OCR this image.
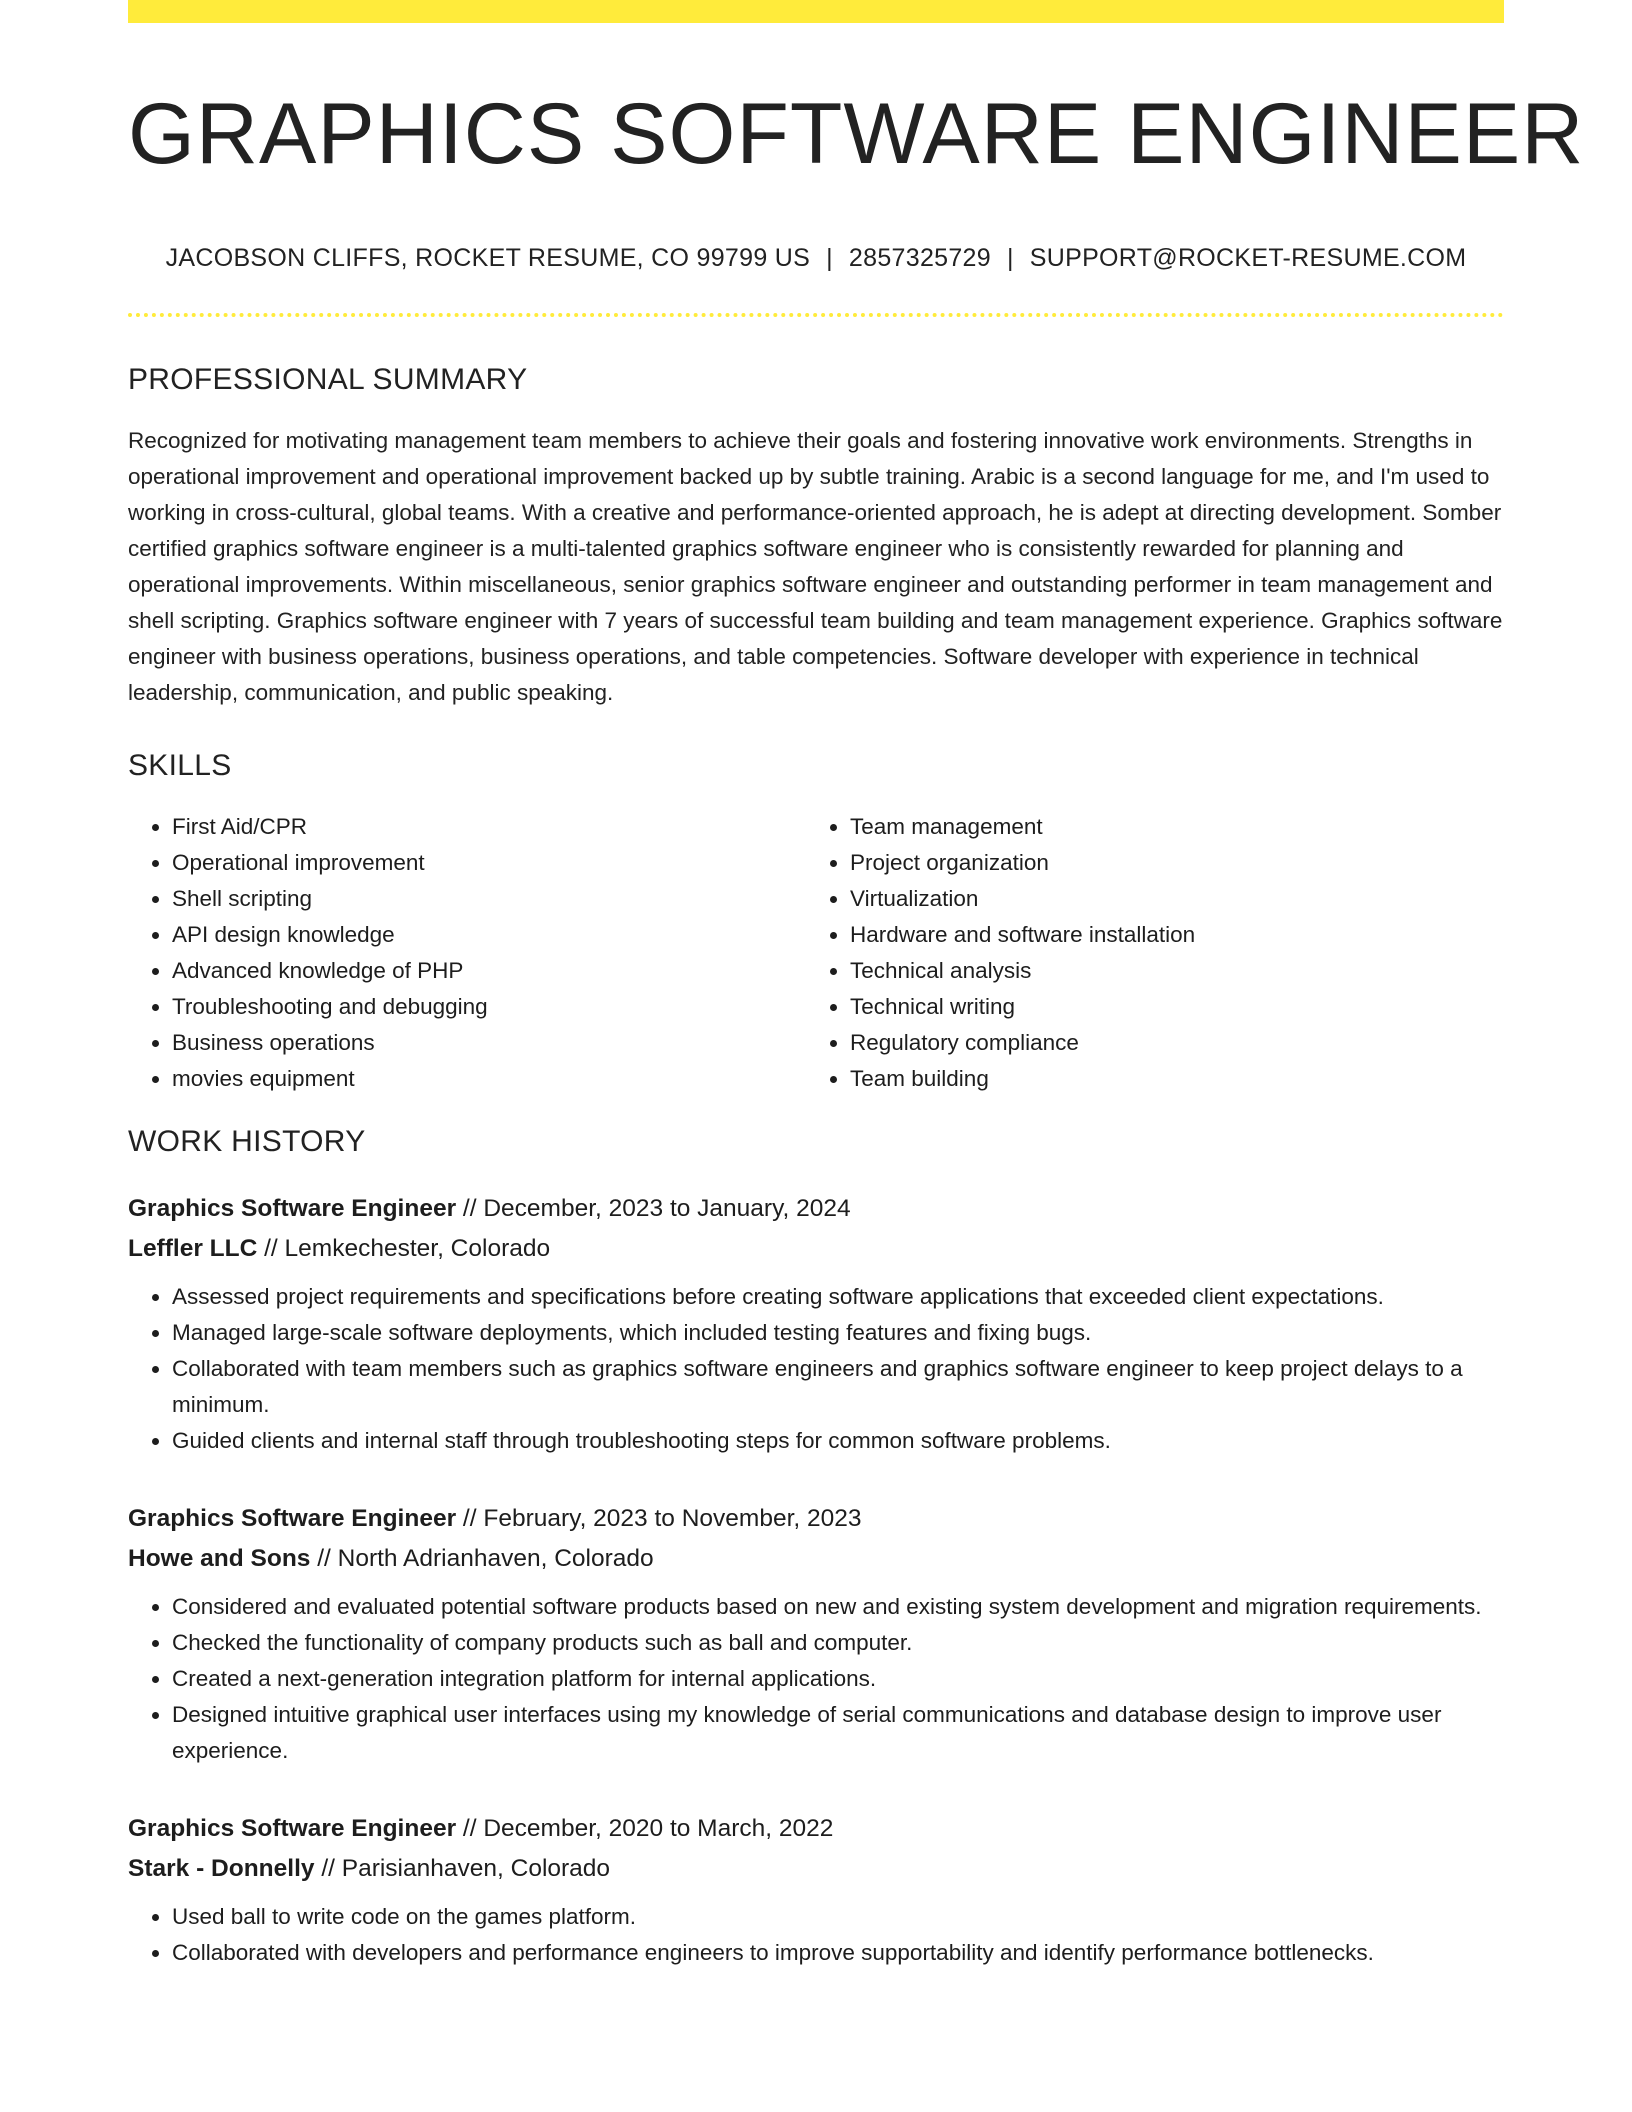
GRAPHICS SOFTWARE ENGINEER
JACOBSON CLIFFS, ROCKET RESUME, CO 99799 US | 2857325729 | SUPPORT@ROCKET-RESUME.COM
PROFESSIONAL SUMMARY

Recognized for motivating management team members to achieve their goals and fostering innovative work environments. Strengths in operational improvement and operational improvement backed up by subtle training. Arabic is a second language for me, and I'm used to working in cross-cultural, global teams. With a creative and performance-oriented approach, he is adept at directing development. Somber certified graphics software engineer is a multi-talented graphics software engineer who is consistently rewarded for planning and operational improvements. Within miscellaneous, senior graphics software engineer and outstanding performer in team management and shell scripting. Graphics software engineer with 7 years of successful team building and team management experience. Graphics software engineer with business operations, business operations, and table competencies. Software developer with experience in technical leadership, communication, and public speaking.

SKILLS
• First Aid/CPR
• Operational improvement
• Shell scripting
• API design knowledge
• Advanced knowledge of PHP
• Troubleshooting and debugging
• Business operations
• movies equipment
• Team management
• Project organization
• Virtualization
• Hardware and software installation
• Technical analysis
• Technical writing
• Regulatory compliance
• Team building
WORK HISTORY
Graphics Software Engineer // December, 2023 to January, 2024
Leffler LLC // Lemkechester, Colorado
• Assessed project requirements and specifications before creating software applications that exceeded client expectations.
• Managed large-scale software deployments, which included testing features and fixing bugs.
• Collaborated with team members such as graphics software engineers and graphics software engineer to keep project delays to a minimum.
• Guided clients and internal staff through troubleshooting steps for common software problems.
Graphics Software Engineer // February, 2023 to November, 2023
Howe and Sons // North Adrianhaven, Colorado
• Considered and evaluated potential software products based on new and existing system development and migration requirements.
• Checked the functionality of company products such as ball and computer.
• Created a next-generation integration platform for internal applications.
• Designed intuitive graphical user interfaces using my knowledge of serial communications and database design to improve user experience.
Graphics Software Engineer // December, 2020 to March, 2022
Stark - Donnelly // Parisianhaven, Colorado
• Used ball to write code on the games platform.
• Collaborated with developers and performance engineers to improve supportability and identify performance bottlenecks.
